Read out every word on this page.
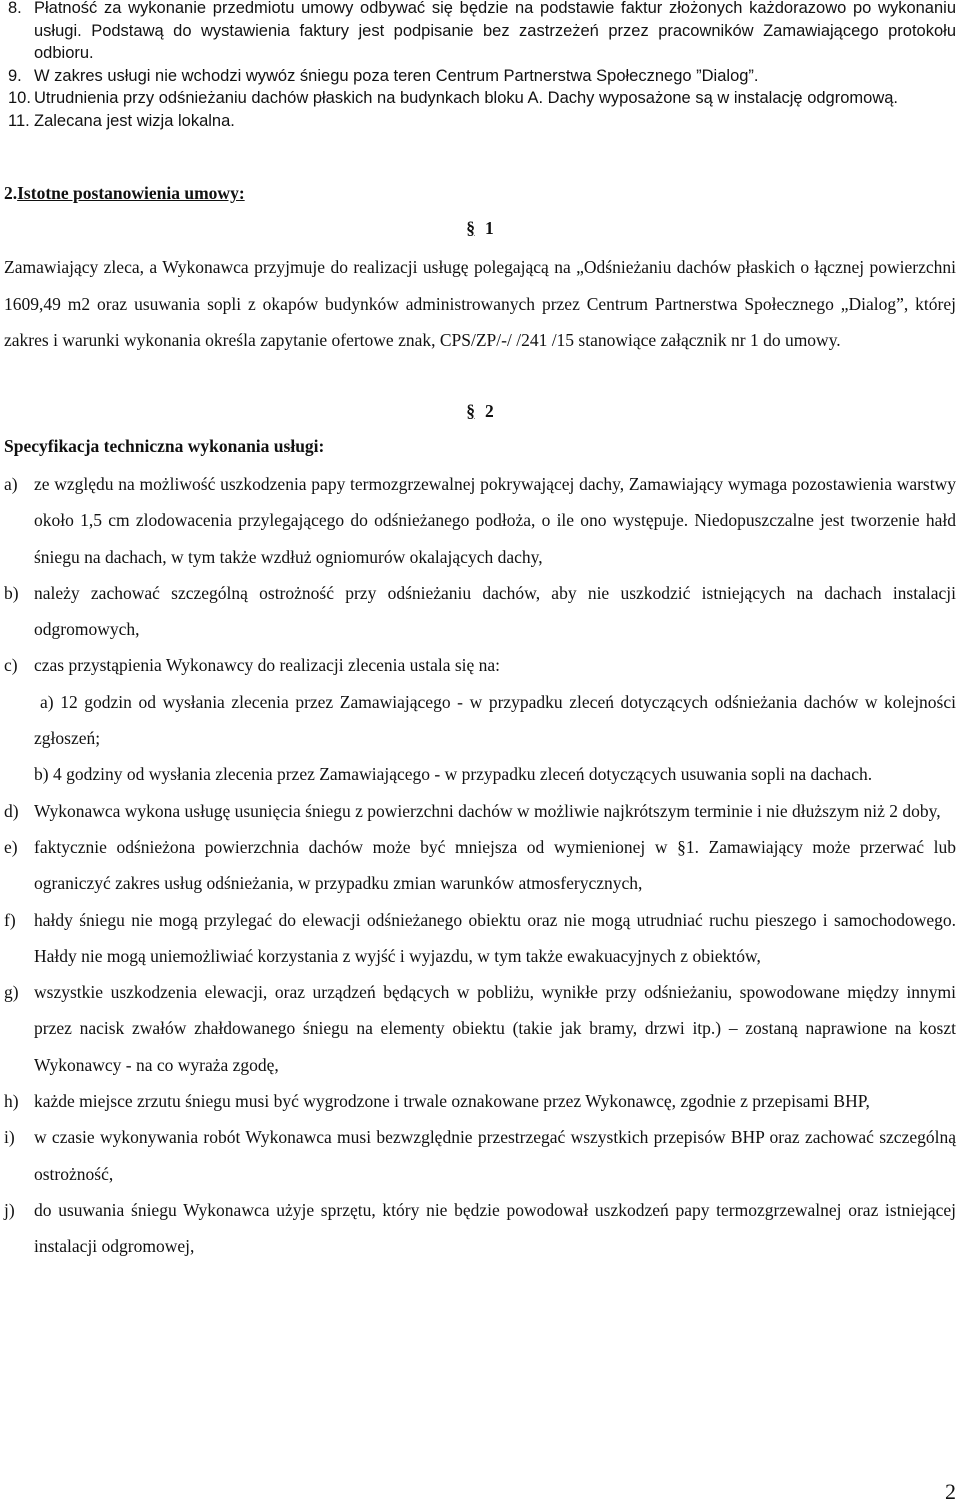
8. Płatność za wykonanie przedmiotu umowy odbywać się będzie na podstawie faktur złożonych każdorazowo po wykonaniu usługi. Podstawą do wystawienia faktury jest podpisanie bez zastrzeżeń przez pracowników Zamawiającego protokołu odbioru.
9. W zakres usługi nie wchodzi wywóz śniegu poza teren Centrum Partnerstwa Społecznego ”Dialog”.
10. Utrudnienia przy odśnieżaniu dachów płaskich na budynkach bloku A. Dachy wyposażone są w instalację odgromową.
11. Zalecana jest wizja lokalna.
2.Istotne postanowienia umowy:
§ 1
Zamawiający zleca, a Wykonawca przyjmuje do realizacji usługę polegającą na „Odśnieżaniu dachów płaskich o łącznej powierzchni 1609,49 m2 oraz usuwania sopli z okapów budynków administrowanych przez Centrum Partnerstwa Społecznego „Dialog”, której zakres i warunki wykonania określa zapytanie ofertowe znak, CPS/ZP/-/ /241 /15 stanowiące załącznik nr 1 do umowy.
§ 2
Specyfikacja techniczna wykonania usługi:
a) ze względu na możliwość uszkodzenia papy termozgrzewalnej pokrywającej dachy, Zamawiający wymaga pozostawienia warstwy około 1,5 cm zlodowacenia przylegającego do odśnieżanego podłoża, o ile ono występuje. Niedopuszczalne jest tworzenie hałd śniegu na dachach, w tym także wzdłuż ogniomurów okalających dachy,
b) należy zachować szczególną ostrożność przy odśnieżaniu dachów, aby nie uszkodzić istniejących na dachach instalacji odgromowych,
c) czas przystąpienia Wykonawcy do realizacji zlecenia ustala się na:
a) 12 godzin od wysłania zlecenia przez Zamawiającego - w przypadku zleceń dotyczących odśnieżania dachów w kolejności zgłoszeń;
b) 4 godziny od wysłania zlecenia przez Zamawiającego - w przypadku zleceń dotyczących usuwania sopli na dachach.
d) Wykonawca wykona usługę usunięcia śniegu z powierzchni dachów w możliwie najkrótszym terminie i nie dłuższym niż 2 doby,
e) faktycznie odśnieżona powierzchnia dachów może być mniejsza od wymienionej w §1. Zamawiający może przerwać lub ograniczyć zakres usług odśnieżania, w przypadku zmian warunków atmosferycznych,
f)	hałdy śniegu nie mogą przylegać do elewacji odśnieżanego obiektu oraz nie mogą utrudniać ruchu pieszego i samochodowego. Hałdy nie mogą uniemożliwiać korzystania z wyjść i wyjazdu, w tym także ewakuacyjnych z obiektów,
g) wszystkie uszkodzenia elewacji, oraz urządzeń będących w pobliżu, wynikłe przy odśnieżaniu, spowodowane między innymi przez nacisk zwałów zhałdowanego śniegu na elementy obiektu (takie jak bramy, drzwi itp.) – zostaną naprawione na koszt Wykonawcy - na co wyraża zgodę,
h) każde miejsce zrzutu śniegu musi być wygrodzone i trwale oznakowane przez Wykonawcę, zgodnie z przepisami BHP,
i)	w czasie wykonywania robót Wykonawca musi bezwzględnie przestrzegać wszystkich przepisów BHP oraz zachować szczególną ostrożność,
j)	do usuwania śniegu Wykonawca użyje sprzętu, który nie będzie powodował uszkodzeń papy termozgrzewalnej oraz istniejącej instalacji odgromowej,
2
